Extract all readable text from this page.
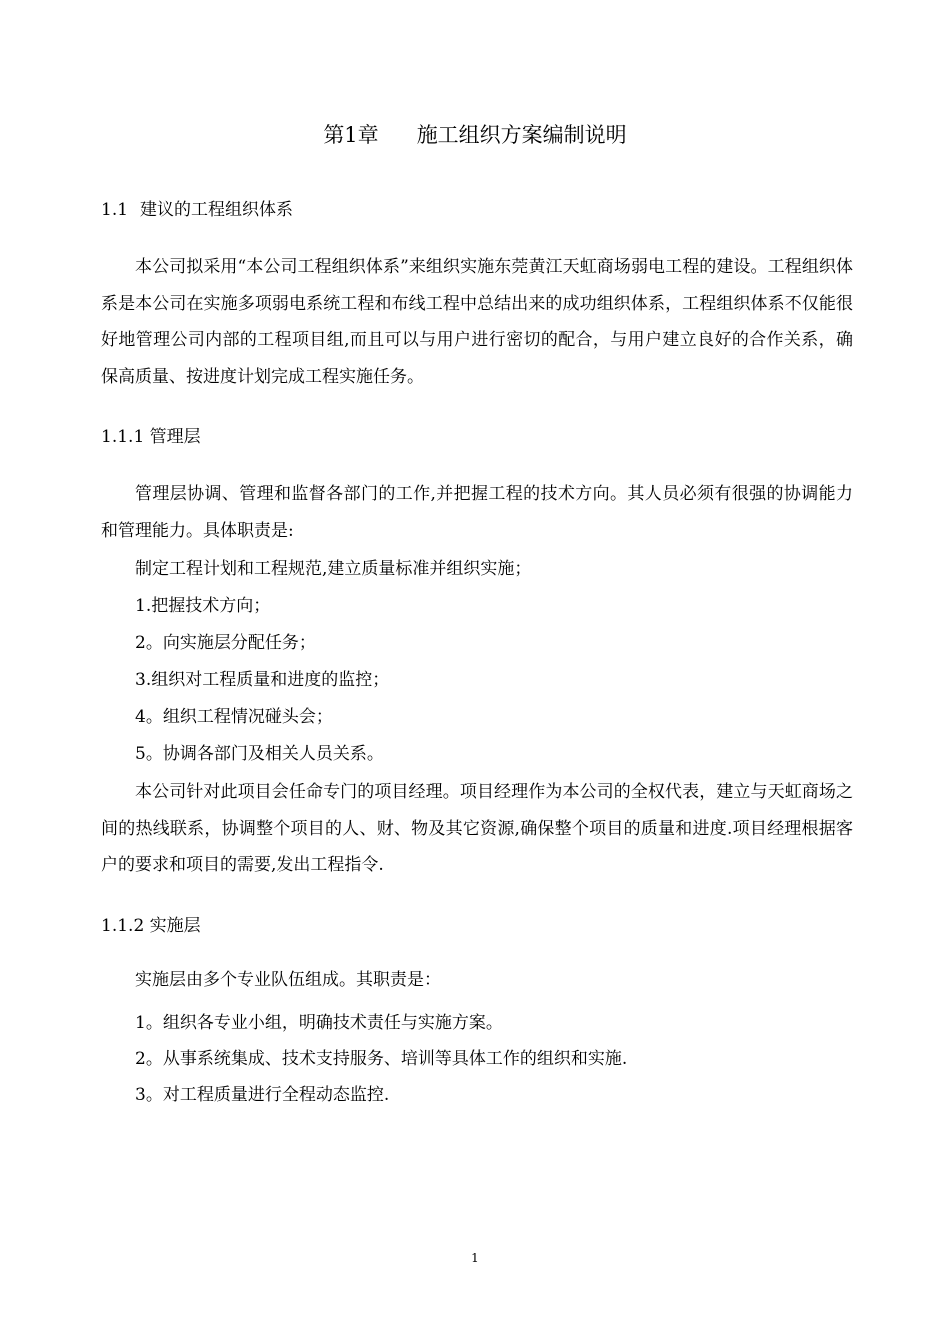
第1章 施工组织方案编制说明
1.1 建议的工程组织体系
本公司拟采用“本公司工程组织体系”来组织实施东莞黄江天虹商场弱电工程的建设。工程组织体系是本公司在实施多项弱电系统工程和布线工程中总结出来的成功组织体系，工程组织体系不仅能很好地管理公司内部的工程项目组,而且可以与用户进行密切的配合，与用户建立良好的合作关系，确保高质量、按进度计划完成工程实施任务。
1.1.1 管理层
管理层协调、管理和监督各部门的工作,并把握工程的技术方向。其人员必须有很强的协调能力和管理能力。具体职责是:
制定工程计划和工程规范,建立质量标准并组织实施；
1.把握技术方向；
2。向实施层分配任务；
3.组织对工程质量和进度的监控；
4。组织工程情况碰头会；
5。协调各部门及相关人员关系。
本公司针对此项目会任命专门的项目经理。项目经理作为本公司的全权代表，建立与天虹商场之间的热线联系，协调整个项目的人、财、物及其它资源,确保整个项目的质量和进度.项目经理根据客户的要求和项目的需要,发出工程指令.
1.1.2 实施层
实施层由多个专业队伍组成。其职责是：
1。组织各专业小组，明确技术责任与实施方案。
2。从事系统集成、技术支持服务、培训等具体工作的组织和实施.
3。对工程质量进行全程动态监控.
1
